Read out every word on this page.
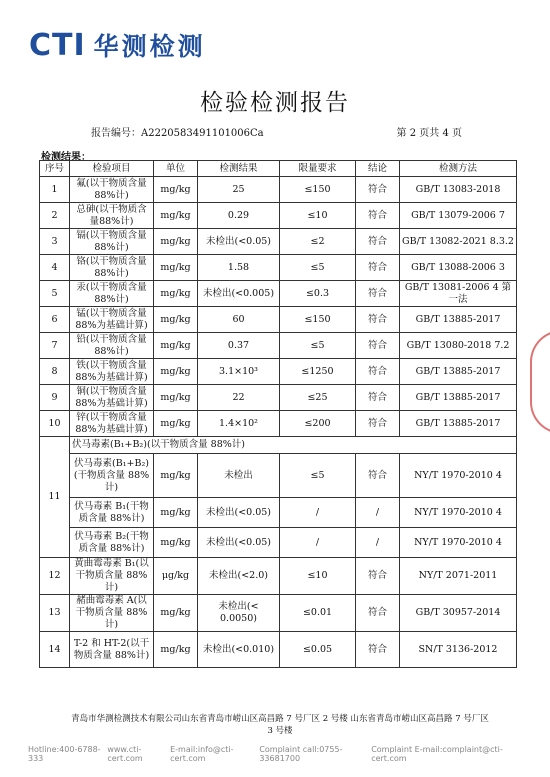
CTI 华测检测
检验检测报告
报告编号：A2220583491101006Ca	第 2 页共 4 页
检测结果：
序号	检验项目	单位	检测结果	限量要求	结论	检测方法
1	氟(以干物质含量88%计)	mg/kg	25	≤150	符合	GB/T 13083-2018
2	总砷(以干物质含量88%计)	mg/kg	0.29	≤10	符合	GB/T 13079-2006 7
3	镉(以干物质含量88%计)	mg/kg	未检出(<0.05)	≤2	符合	GB/T 13082-2021 8.3.2
4	铬(以干物质含量88%计)	mg/kg	1.58	≤5	符合	GB/T 13088-2006 3
5	汞(以干物质含量88%计)	mg/kg	未检出(<0.005)	≤0.3	符合	GB/T 13081-2006 4 第一法
6	锰(以干物质含量88%为基础计算)	mg/kg	60	≤150	符合	GB/T 13885-2017
7	铅(以干物质含量88%计)	mg/kg	0.37	≤5	符合	GB/T 13080-2018 7.2
8	铁(以干物质含量88%为基础计算)	mg/kg	3.1×10³	≤1250	符合	GB/T 13885-2017
9	铜(以干物质含量88%为基础计算)	mg/kg	22	≤25	符合	GB/T 13885-2017
10	锌(以干物质含量88%为基础计算)	mg/kg	1.4×10²	≤200	符合	GB/T 13885-2017
11	伏马毒素(B₁+B₂)(以干物质含量 88%计)					
	伏马毒素(B₁+B₂)(干物质含量 88%计)	mg/kg	未检出	≤5	符合	NY/T 1970-2010 4
	伏马毒素 B₁(干物质含量 88%计)	mg/kg	未检出(<0.05)	/	/	NY/T 1970-2010 4
	伏马毒素 B₂(干物质含量 88%计)	mg/kg	未检出(<0.05)	/	/	NY/T 1970-2010 4
12	黄曲霉毒素 B₁(以干物质含量 88%计)	μg/kg	未检出(<2.0)	≤10	符合	NY/T 2071-2011
13	赭曲霉毒素 A(以干物质含量 88%计)	mg/kg	未检出(< 0.0050)	≤0.01	符合	GB/T 30957-2014
14	T-2 和 HT-2(以干物质含量 88%计)	mg/kg	未检出(<0.010)	≤0.05	符合	SN/T 3136-2012
青岛市华测检测技术有限公司山东省青岛市崂山区高昌路 7 号厂区 2 号楼 山东省青岛市崂山区高昌路 7 号厂区 3 号楼
Hotline:400-6788-333
www.cti-cert.com
E-mail:info@cti-cert.com
Complaint call:0755-33681700
Complaint E-mail:complaint@cti-cert.com
